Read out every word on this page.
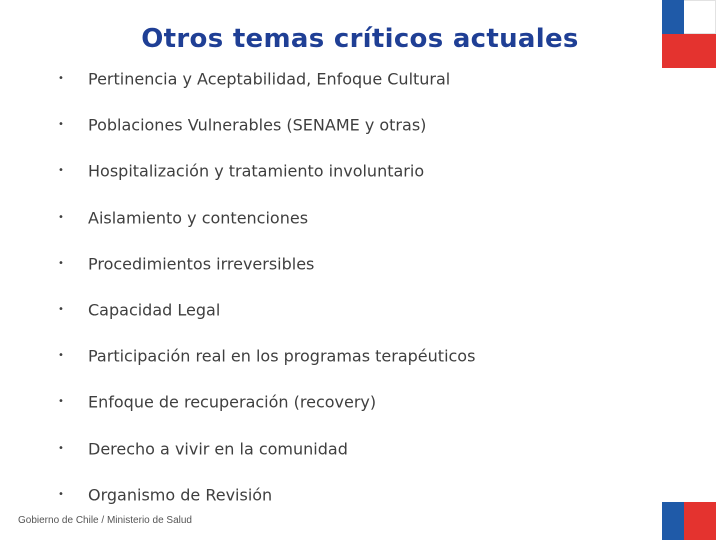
Otros temas críticos actuales
• Pertinencia y Aceptabilidad, Enfoque Cultural
• Poblaciones Vulnerables (SENAME y otras)
• Hospitalización y tratamiento involuntario
• Aislamiento y contenciones
• Procedimientos irreversibles
• Capacidad Legal
• Participación real en los programas terapéuticos
• Enfoque de recuperación (recovery)
• Derecho a vivir en la comunidad
• Organismo de Revisión
Gobierno de Chile / Ministerio de Salud
